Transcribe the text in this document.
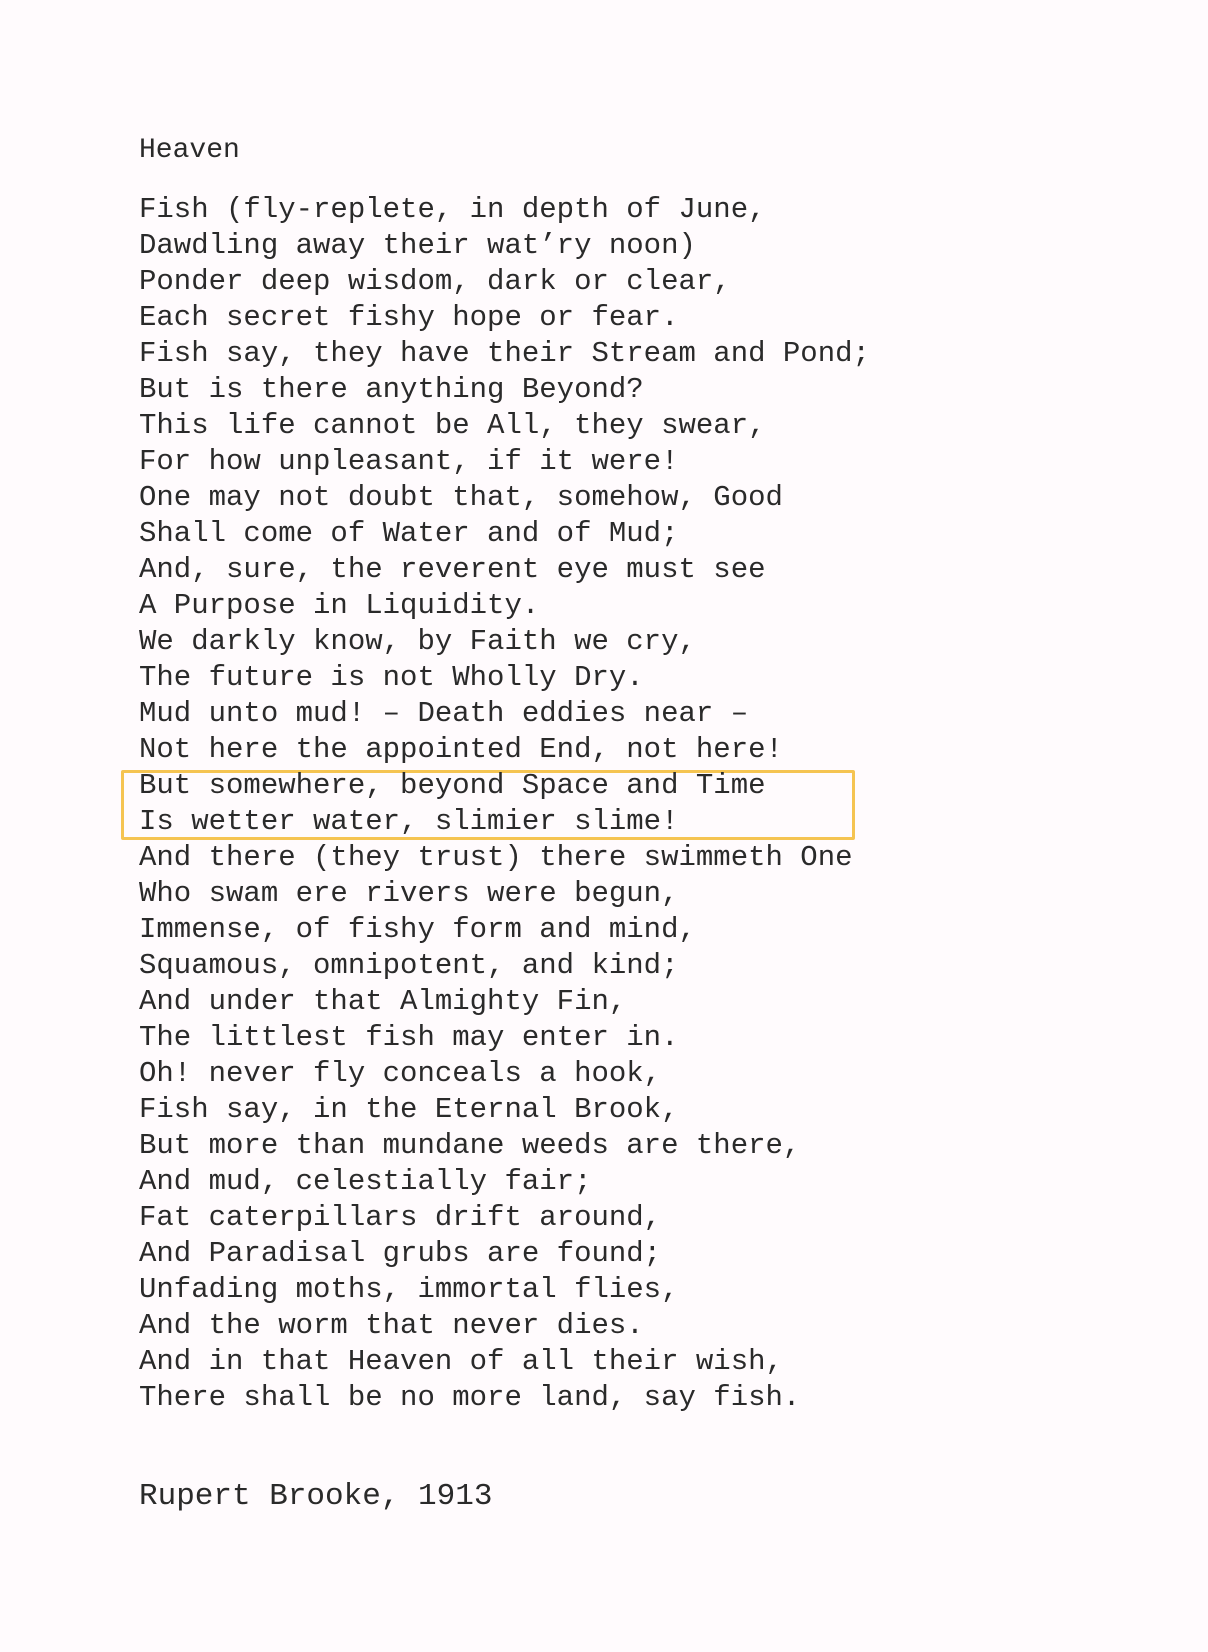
Heaven
Fish (fly-replete, in depth of June,
Dawdling away their wat’ry noon)
Ponder deep wisdom, dark or clear,
Each secret fishy hope or fear.
Fish say, they have their Stream and Pond;
But is there anything Beyond?
This life cannot be All, they swear,
For how unpleasant, if it were!
One may not doubt that, somehow, Good
Shall come of Water and of Mud;
And, sure, the reverent eye must see
A Purpose in Liquidity.
We darkly know, by Faith we cry,
The future is not Wholly Dry.
Mud unto mud! – Death eddies near –
Not here the appointed End, not here!
But somewhere, beyond Space and Time
Is wetter water, slimier slime!
And there (they trust) there swimmeth One
Who swam ere rivers were begun,
Immense, of fishy form and mind,
Squamous, omnipotent, and kind;
And under that Almighty Fin,
The littlest fish may enter in.
Oh! never fly conceals a hook,
Fish say, in the Eternal Brook,
But more than mundane weeds are there,
And mud, celestially fair;
Fat caterpillars drift around,
And Paradisal grubs are found;
Unfading moths, immortal flies,
And the worm that never dies.
And in that Heaven of all their wish,
There shall be no more land, say fish.
Rupert Brooke, 1913
